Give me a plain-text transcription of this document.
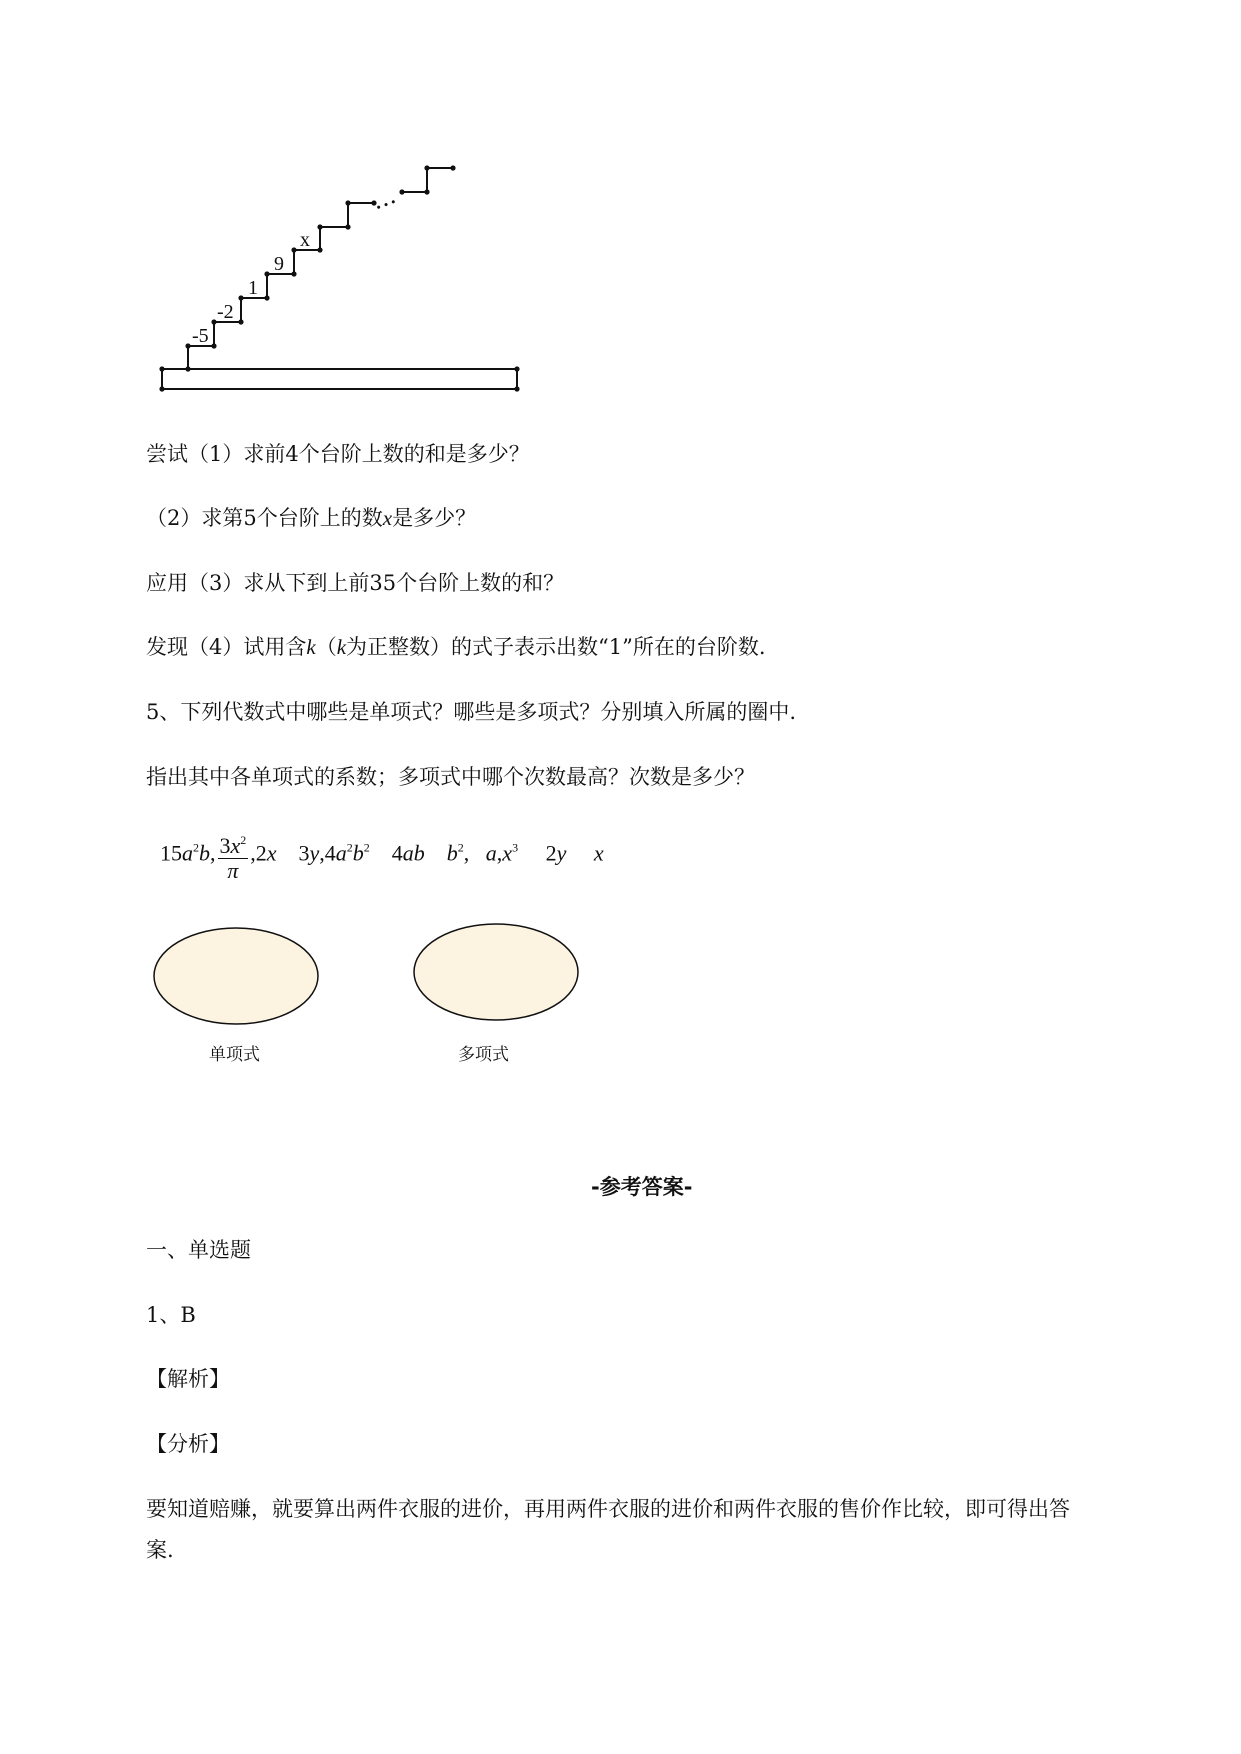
• • •
-5
-2
1
9
x
尝试（1）求前4个台阶上数的和是多少？
（2）求第5个台阶上的数x是多少？
应用（3）求从下到上前35个台阶上数的和？
发现（4）试用含k（k为正整数）的式子表示出数“1”所在的台阶数.
5、下列代数式中哪些是单项式？哪些是多项式？分别填入所属的圈中.
指出其中各单项式的系数；多项式中哪个次数最高？次数是多少？
$15a^2b$, $\frac{3x^2}{\pi} ,2x$ $3y,4a^2b^2$ 4ab $b^2$,   $a,x^3$ 2y x
单项式	多项式
-参考答案-
一、单选题
1、B
【解析】
【分析】
要知道赔赚，就要算出两件衣服的进价，再用两件衣服的进价和两件衣服的售价作比较，即可得出答
案.
